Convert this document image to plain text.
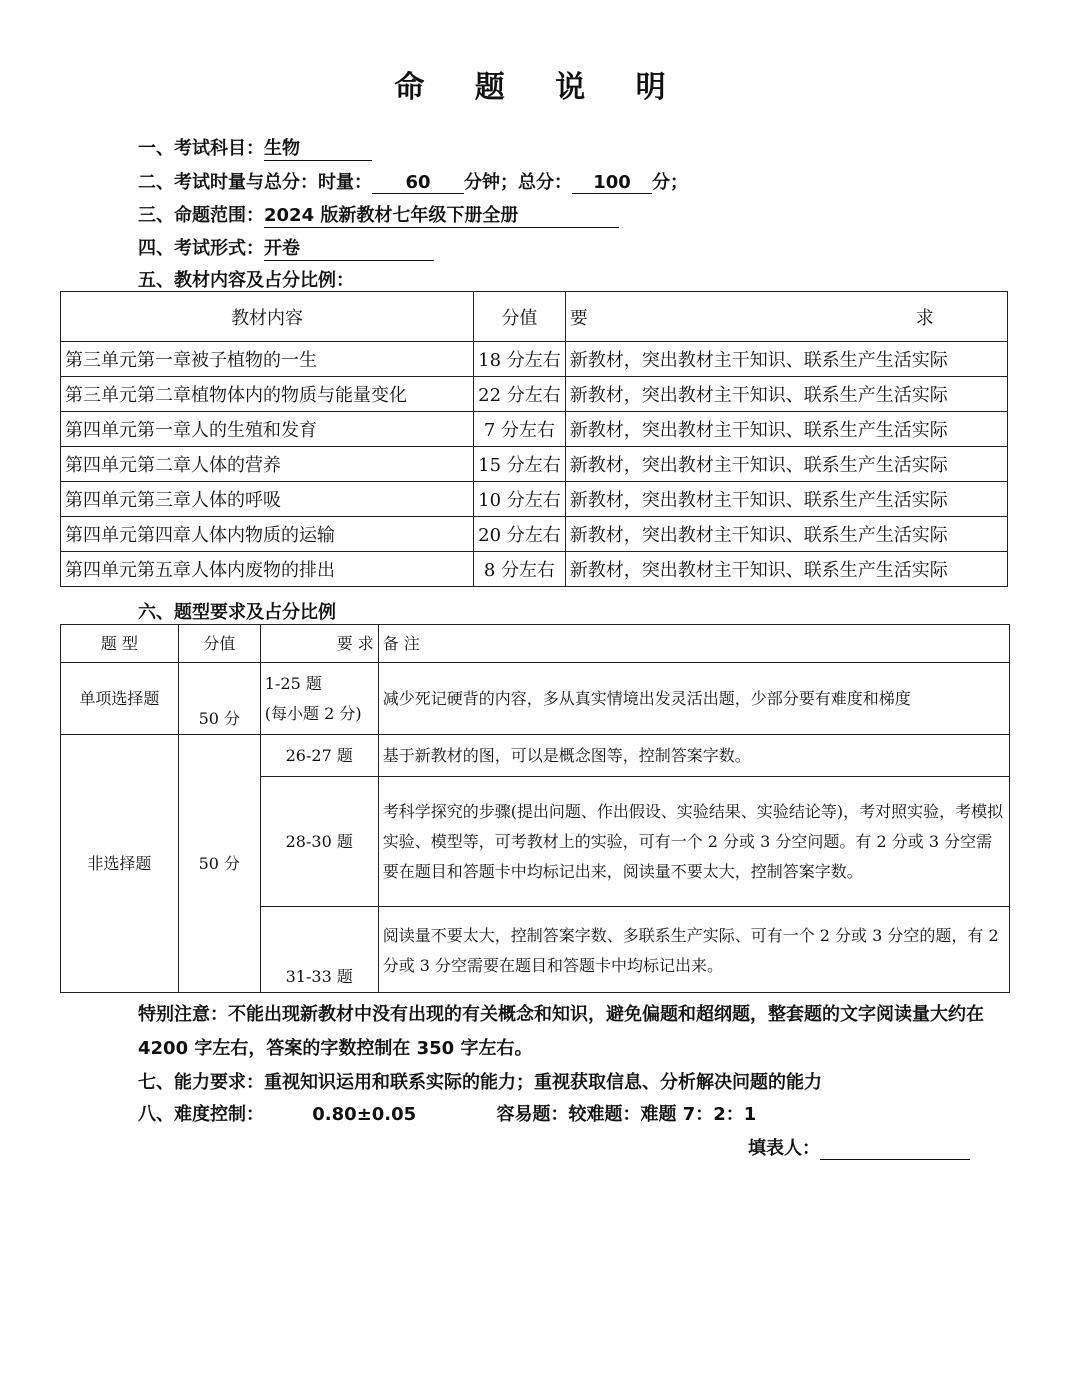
命 题 说 明
一、考试科目：生物
二、考试时量与总分：时量： 60 分钟；总分： 100 分；
三、命题范围：2024 版新教材七年级下册全册
四、考试形式：开卷
五、教材内容及占分比例：
教材内容	分值	要 求

第三单元第一章被子植物的一生	18 分左右	新教材，突出教材主干知识、联系生产生活实际
第三单元第二章植物体内的物质与能量变化	22 分左右	新教材，突出教材主干知识、联系生产生活实际
第四单元第一章人的生殖和发育	7 分左右	新教材，突出教材主干知识、联系生产生活实际
第四单元第二章人体的营养	15 分左右	新教材，突出教材主干知识、联系生产生活实际
第四单元第三章人体的呼吸	10 分左右	新教材，突出教材主干知识、联系生产生活实际
第四单元第四章人体内物质的运输	20 分左右	新教材，突出教材主干知识、联系生产生活实际
第四单元第五章人体内废物的排出	8 分左右	新教材，突出教材主干知识、联系生产生活实际
六、题型要求及占分比例
题 型	分值	要 求	备 注
单项选择题	50 分	1-25 题
(每小题 2 分)	减少死记硬背的内容，多从真实情境出发灵活出题，少部分要有难度和梯度
非选择题	50 分	26-27 题	基于新教材的图，可以是概念图等，控制答案字数。
		28-30 题	考科学探究的步骤(提出问题、作出假设、实验结果、实验结论等)，考对照实验，考模拟实验、模型等，可考教材上的实验，可有一个 2 分或 3 分空问题。有 2 分或 3 分空需要在题目和答题卡中均标记出来，阅读量不要太大，控制答案字数。
		31-33 题	阅读量不要太大，控制答案字数、多联系生产实际、可有一个 2 分或 3 分空的题，有 2 分或 3 分空需要在题目和答题卡中均标记出来。
特别注意：不能出现新教材中没有出现的有关概念和知识，避免偏题和超纲题，整套题的文字阅读量大约在 4200 字左右，答案的字数控制在 350 字左右。
七、能力要求：重视知识运用和联系实际的能力；重视获取信息、分析解决问题的能力
八、难度控制：	0.80±0.05	容易题：较难题：难题 7：2：1
填表人：
